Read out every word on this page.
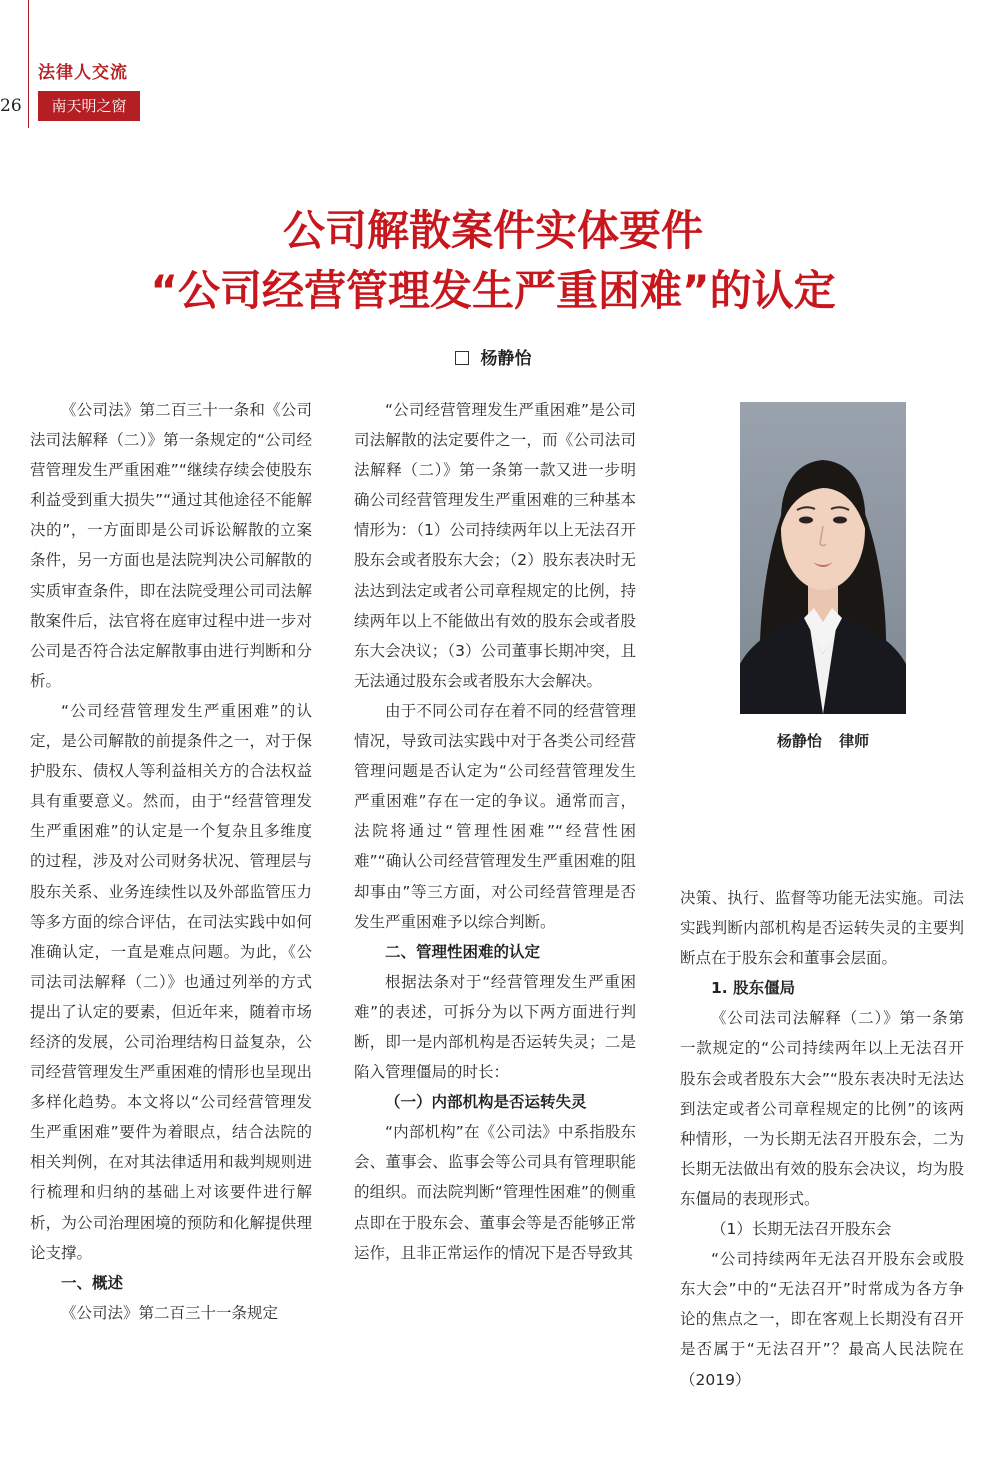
法律人交流
26	南天明之窗
公司解散案件实体要件
“公司经营管理发生严重困难”的认定
杨静怡

《公司法》第二百三十一条和《公司法司法解释（二）》第一条规定的“公司经营管理发生严重困难”“继续存续会使股东利益受到重大损失”“通过其他途径不能解决的”，一方面即是公司诉讼解散的立案条件，另一方面也是法院判决公司解散的实质审查条件，即在法院受理公司司法解散案件后，法官将在庭审过程中进一步对公司是否符合法定解散事由进行判断和分析。

“公司经营管理发生严重困难”的认定，是公司解散的前提条件之一，对于保护股东、债权人等利益相关方的合法权益具有重要意义。然而，由于“经营管理发生严重困难”的认定是一个复杂且多维度的过程，涉及对公司财务状况、管理层与股东关系、业务连续性以及外部监管压力等多方面的综合评估，在司法实践中如何准确认定，一直是难点问题。为此，《公司法司法解释（二）》也通过列举的方式提出了认定的要素，但近年来，随着市场经济的发展，公司治理结构日益复杂，公司经营管理发生严重困难的情形也呈现出多样化趋势。本文将以“公司经营管理发生严重困难”要件为着眼点，结合法院的相关判例，在对其法律适用和裁判规则进行梳理和归纳的基础上对该要件进行解析，为公司治理困境的预防和化解提供理论支撑。

一、概述

《公司法》第二百三十一条规定

“公司经营管理发生严重困难”是公司司法解散的法定要件之一，而《公司法司法解释（二）》第一条第一款又进一步明确公司经营管理发生严重困难的三种基本情形为：（1）公司持续两年以上无法召开股东会或者股东大会；（2）股东表决时无法达到法定或者公司章程规定的比例，持续两年以上不能做出有效的股东会或者股东大会决议；（3）公司董事长期冲突，且无法通过股东会或者股东大会解决。

由于不同公司存在着不同的经营管理情况，导致司法实践中对于各类公司经营管理问题是否认定为“公司经营管理发生严重困难”存在一定的争议。通常而言，法院将通过“管理性困难”“经营性困难”“确认公司经营管理发生严重困难的阻却事由”等三方面，对公司经营管理是否发生严重困难予以综合判断。

二、管理性困难的认定

根据法条对于“经营管理发生严重困难”的表述，可拆分为以下两方面进行判断，即一是内部机构是否运转失灵；二是陷入管理僵局的时长：

（一）内部机构是否运转失灵

“内部机构”在《公司法》中系指股东会、董事会、监事会等公司具有管理职能的组织。而法院判断“管理性困难”的侧重点即在于股东会、董事会等是否能够正常运作，且非正常运作的情况下是否导致其

杨静怡 律师

决策、执行、监督等功能无法实施。司法实践判断内部机构是否运转失灵的主要判断点在于股东会和董事会层面。

1. 股东僵局

《公司法司法解释（二）》第一条第一款规定的“公司持续两年以上无法召开股东会或者股东大会”“股东表决时无法达到法定或者公司章程规定的比例”的该两种情形，一为长期无法召开股东会，二为长期无法做出有效的股东会决议，均为股东僵局的表现形式。

（1）长期无法召开股东会

“公司持续两年无法召开股东会或股东大会”中的“无法召开”时常成为各方争论的焦点之一，即在客观上长期没有召开是否属于“无法召开”？最高人民法院在（2019）
